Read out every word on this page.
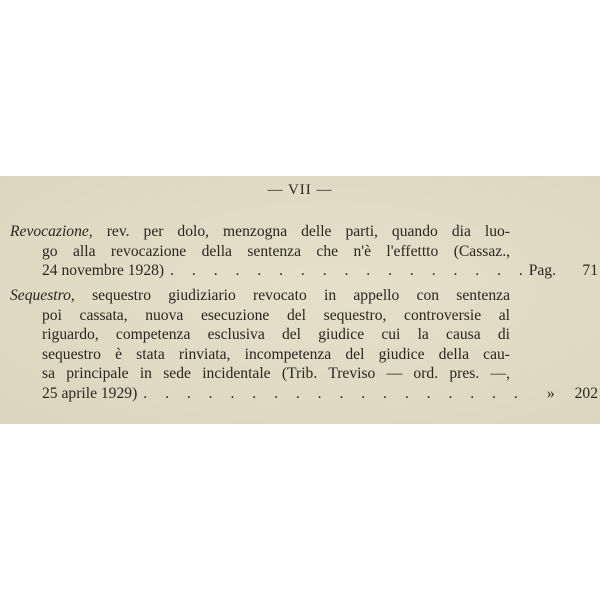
— VII —
Revocazione, rev. per dolo, menzogna delle parti, quando dia luo-
go alla revocazione della sentenza che n'è l'effettto (Cassaz.,
24 novembre 1928) . . .	Pag.	71
Sequestro, sequestro giudiziario revocato in appello con sentenza
poi cassata, nuova esecuzione del sequestro, controversie al
riguardo, competenza esclusiva del giudice cui la causa di
sequestro è stata rinviata, incompetenza del giudice della cau-
sa principale in sede incidentale (Trib. Treviso — ord. pres. —,
25 aprile 1929) . . .	» 202
